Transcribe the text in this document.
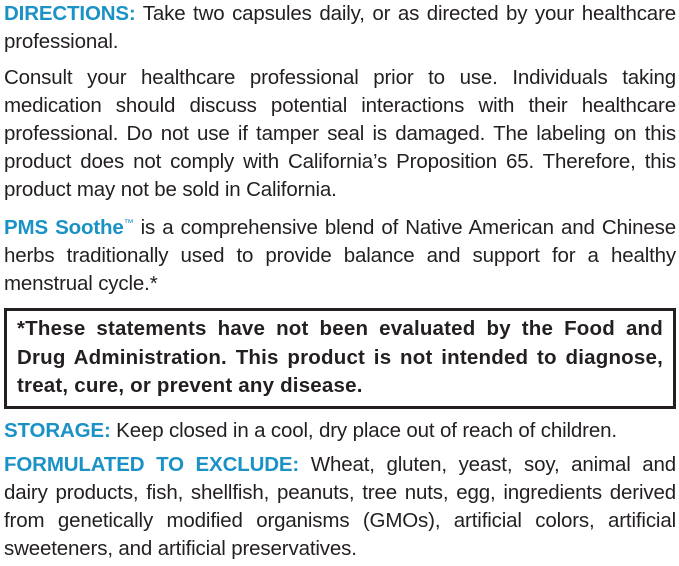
DIRECTIONS: Take two capsules daily, or as directed by your healthcare professional.

Consult your healthcare professional prior to use. Individuals taking medication should discuss potential interactions with their healthcare professional. Do not use if tamper seal is damaged. The labeling on this product does not comply with California’s Proposition 65. Therefore, this product may not be sold in California.

PMS Soothe™ is a comprehensive blend of Native American and Chinese herbs traditionally used to provide balance and support for a healthy menstrual cycle.*

*These statements have not been evaluated by the Food and Drug Administration. This product is not intended to diagnose, treat, cure, or prevent any disease.

STORAGE: Keep closed in a cool, dry place out of reach of children.

FORMULATED TO EXCLUDE: Wheat, gluten, yeast, soy, animal and dairy products, fish, shellfish, peanuts, tree nuts, egg, ingredients derived from genetically modified organisms (GMOs), artificial colors, artificial sweeteners, and artificial preservatives.
